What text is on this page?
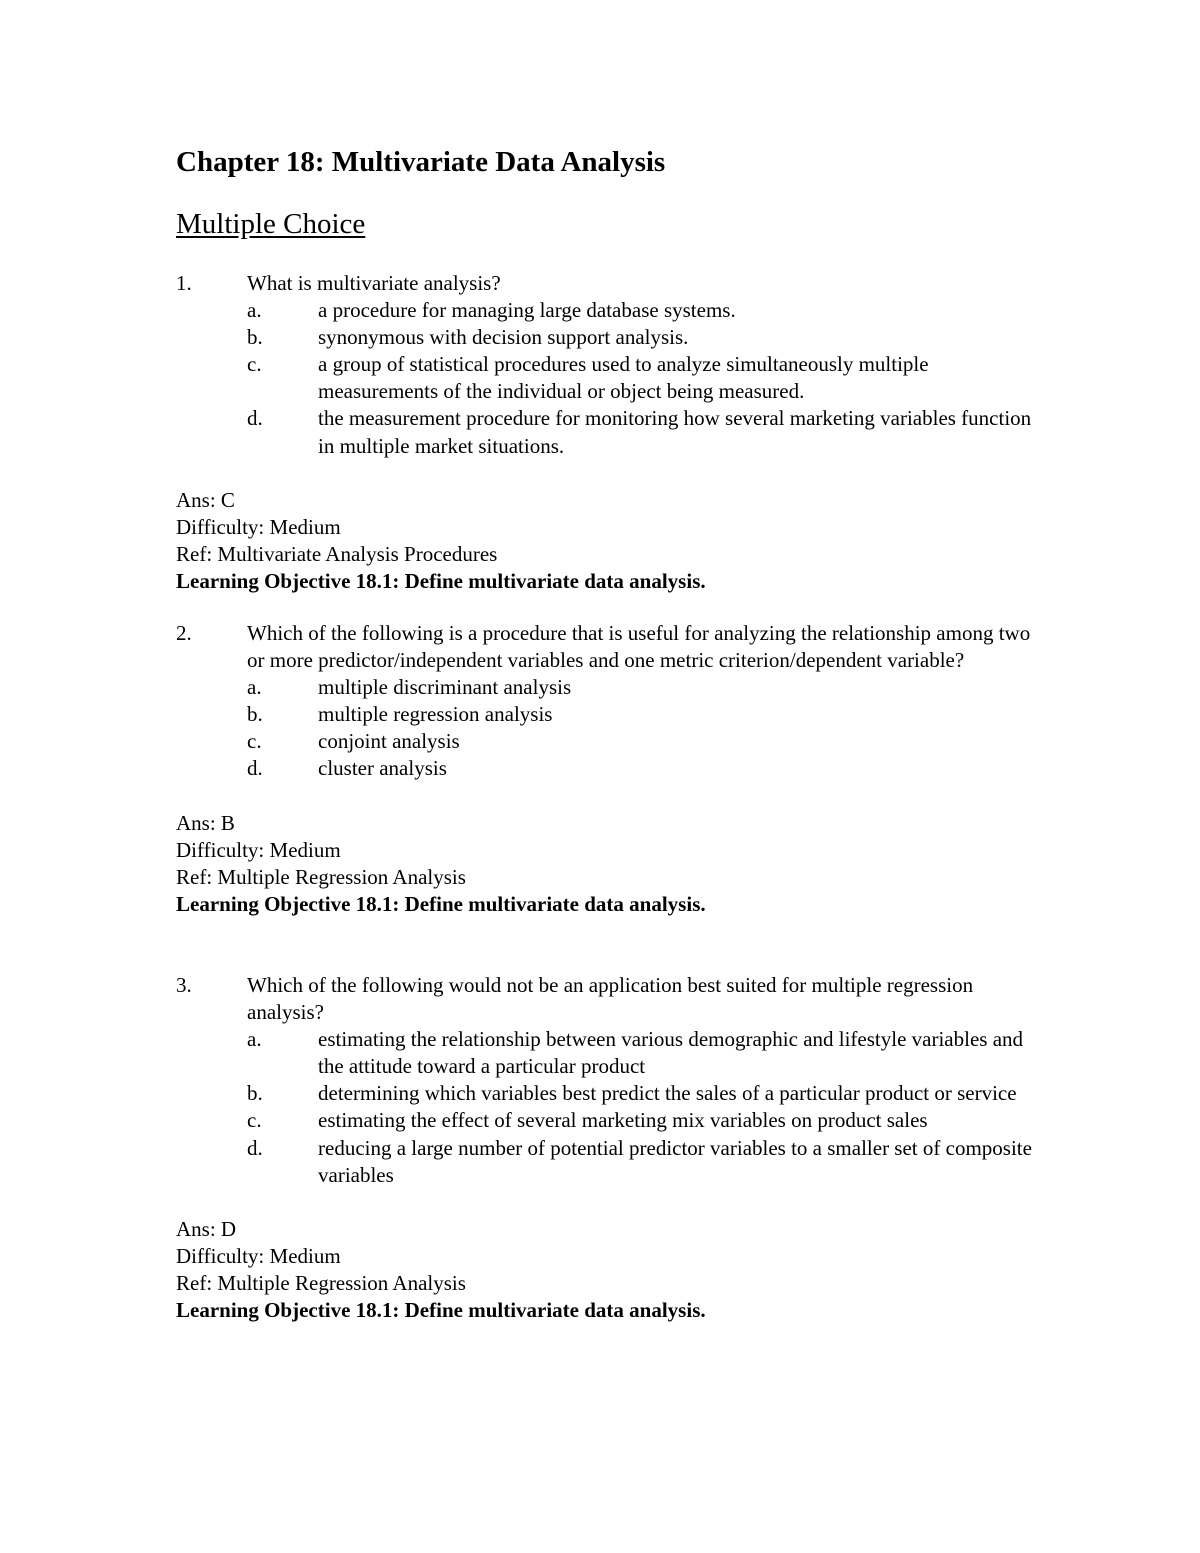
Chapter 18: Multivariate Data Analysis
Multiple Choice
1.	What is multivariate analysis?
a.	a procedure for managing large database systems.
b.	synonymous with decision support analysis.
c.	a group of statistical procedures used to analyze simultaneously multiple measurements of the individual or object being measured.
d.	the measurement procedure for monitoring how several marketing variables function in multiple market situations.
Ans: C
Difficulty: Medium
Ref: Multivariate Analysis Procedures
Learning Objective 18.1: Define multivariate data analysis.
2.	Which of the following is a procedure that is useful for analyzing the relationship among two or more predictor/independent variables and one metric criterion/dependent variable?
a.	multiple discriminant analysis
b.	multiple regression analysis
c.	conjoint analysis
d.	cluster analysis
Ans: B
Difficulty: Medium
Ref: Multiple Regression Analysis
Learning Objective 18.1: Define multivariate data analysis.
3.	Which of the following would not be an application best suited for multiple regression analysis?
a.	estimating the relationship between various demographic and lifestyle variables and the attitude toward a particular product
b.	determining which variables best predict the sales of a particular product or service
c.	estimating the effect of several marketing mix variables on product sales
d.	reducing a large number of potential predictor variables to a smaller set of composite variables
Ans: D
Difficulty: Medium
Ref: Multiple Regression Analysis
Learning Objective 18.1: Define multivariate data analysis.
